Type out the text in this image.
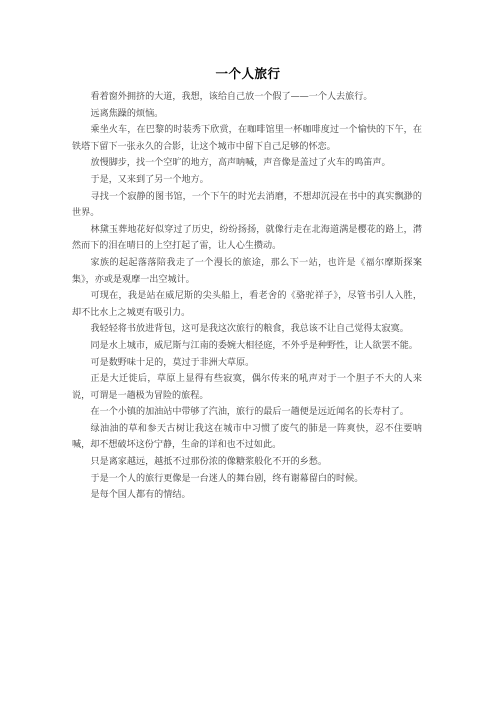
一个人旅行

看着窗外拥挤的大道，我想，该给自己放一个假了——一个人去旅行。

远离焦躁的烦恼。

乘坐火车，在巴黎的时装秀下欣赏，在咖啡馆里一杯咖啡度过一个愉快的下午，在铁塔下留下一张永久的合影，让这个城市中留下自己足够的怀恋。

放慢脚步，找一个空旷的地方，高声呐喊，声音像是盖过了火车的鸣笛声。

于是，又来到了另一个地方。

寻找一个寂静的图书馆，一个下午的时光去消磨，不想却沉浸在书中的真实飘渺的世界。

林黛玉葬地花好似穿过了历史，纷纷扬扬，就像行走在北海道满是樱花的路上，潸然而下的泪在晴日的上空打起了雷，让人心生攒动。

家族的起起落落陪我走了一个漫长的旅途，那么下一站，也许是《福尔摩斯探案集》，亦或是观摩一出空城计。

可现在，我是站在威尼斯的尖头船上，看老舍的《骆驼祥子》，尽管书引人入胜，却不比水上之城更有吸引力。

我轻轻将书放进背包，这可是我这次旅行的粮食，我总该不让自己觉得太寂寞。

同是水上城市，威尼斯与江南的委婉大相径庭，不外乎是种野性，让人欲罢不能。

可是数野味十足的，莫过于非洲大草原。

正是大迁徙后，草原上显得有些寂寞，偶尔传来的吼声对于一个胆子不大的人来说，可谓是一趟极为冒险的旅程。

在一个小镇的加油站中带够了汽油，旅行的最后一趟便是远近闻名的长寿村了。

绿油油的草和参天古树让我这在城市中习惯了废气的肺是一阵爽快，忍不住要呐喊，却不想破坏这份宁静，生命的详和也不过如此。

只是离家越远，越抵不过那份浓的像糖浆般化不开的乡愁。

于是一个人的旅行更像是一台迷人的舞台剧，终有谢幕留白的时候。

是每个国人都有的情结。
